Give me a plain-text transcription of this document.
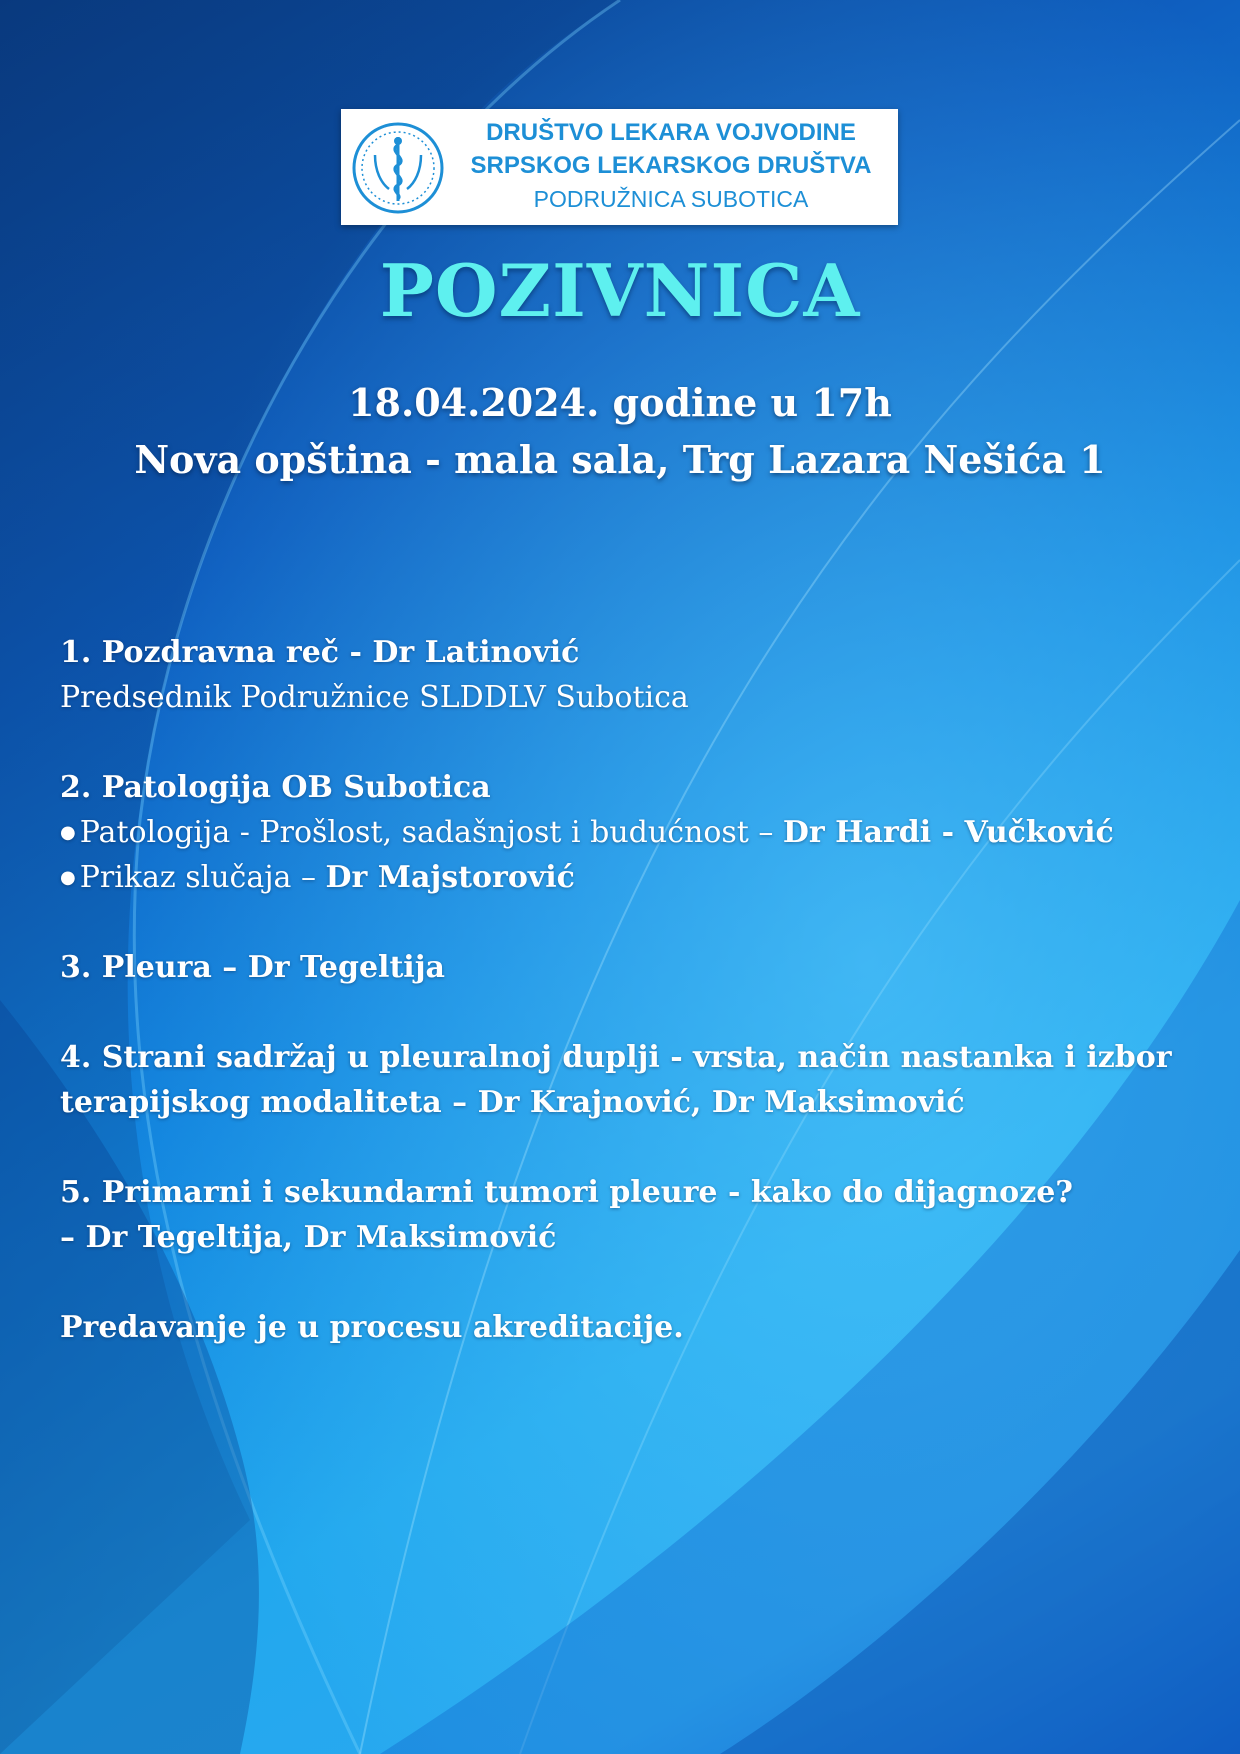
DRUŠTVO LEKARA VOJVODINE
SRPSKOG LEKARSKOG DRUŠTVA
PODRUŽNICA SUBOTICA
POZIVNICA
18.04.2024. godine u 17h
Nova opština - mala sala, Trg Lazara Nešića 1
1. Pozdravna reč - Dr Latinović
Predsednik Podružnice SLDDLV Subotica
2. Patologija OB Subotica
● Patologija - Prošlost, sadašnjost i budućnost – Dr Hardi - Vučković
● Prikaz slučaja – Dr Majstorović
3. Pleura – Dr Tegeltija
4. Strani sadržaj u pleuralnoj duplji - vrsta, način nastanka i izbor
terapijskog modaliteta – Dr Krajnović, Dr Maksimović
5. Primarni i sekundarni tumori pleure - kako do dijagnoze?
– Dr Tegeltija, Dr Maksimović
Predavanje je u procesu akreditacije.
